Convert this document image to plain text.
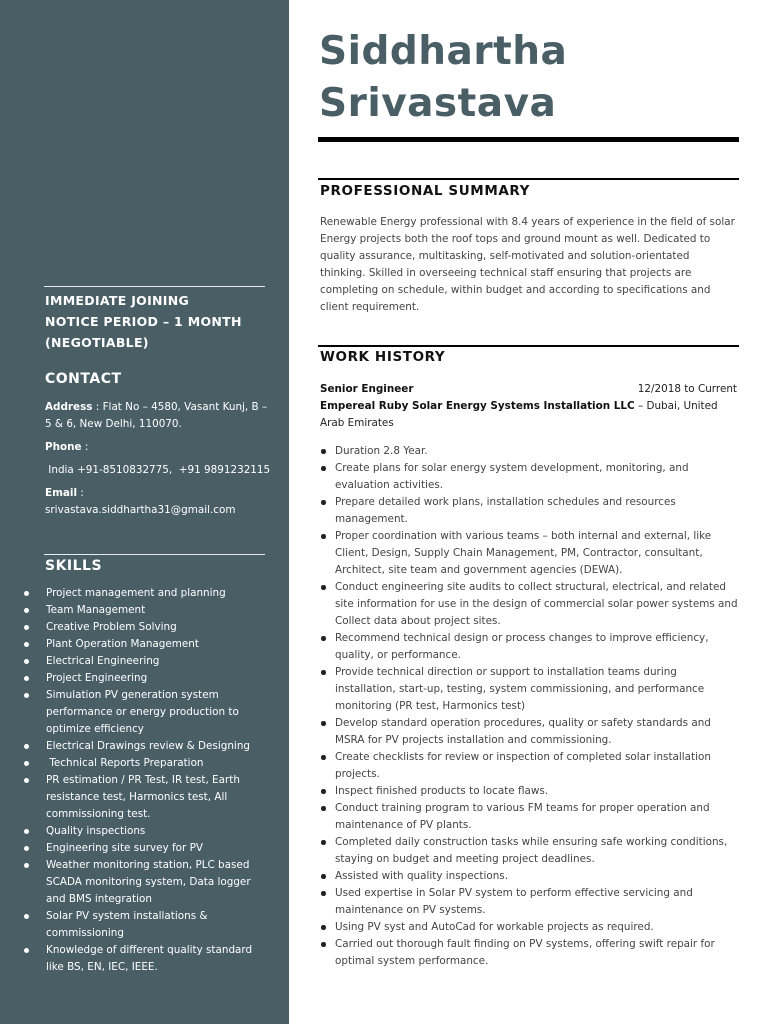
IMMEDIATE JOINING
NOTICE PERIOD – 1 MONTH
(NEGOTIABLE)
CONTACT

Address : Flat No – 4580, Vasant Kunj, B – 5 & 6, New Delhi, 110070.

Phone :

India +91-8510832775,  +91 9891232115

Email :

srivastava.siddhartha31@gmail.com

SKILLS
Project management and planning
Team Management
Creative Problem Solving
Plant Operation Management
Electrical Engineering
Project Engineering
Simulation PV generation system performance or energy production to optimize efficiency
Electrical Drawings review & Designing
Technical Reports Preparation
PR estimation / PR Test, IR test, Earth resistance test, Harmonics test, All commissioning test.
Quality inspections
Engineering site survey for PV
Weather monitoring station, PLC based SCADA monitoring system, Data logger and BMS integration
Solar PV system installations & commissioning
Knowledge of different quality standard like BS, EN, IEC, IEEE.
Siddhartha
Srivastava
PROFESSIONAL SUMMARY

Renewable Energy professional with 8.4 years of experience in the field of solar Energy projects both the roof tops and ground mount as well. Dedicated to quality assurance, multitasking, self-motivated and solution-orientated thinking. Skilled in overseeing technical staff ensuring that projects are completing on schedule, within budget and according to specifications and client requirement.

WORK HISTORY
Senior Engineer	12/2018 to Current
Empereal Ruby Solar Energy Systems Installation LLC – Dubai, United Arab Emirates
Duration 2.8 Year.
Create plans for solar energy system development, monitoring, and evaluation activities.
Prepare detailed work plans, installation schedules and resources management.
Proper coordination with various teams – both internal and external, like Client, Design, Supply Chain Management, PM, Contractor, consultant, Architect, site team and government agencies (DEWA).
Conduct engineering site audits to collect structural, electrical, and related site information for use in the design of commercial solar power systems and Collect data about project sites.
Recommend technical design or process changes to improve efficiency, quality, or performance.
Provide technical direction or support to installation teams during installation, start-up, testing, system commissioning, and performance monitoring (PR test, Harmonics test)
Develop standard operation procedures, quality or safety standards and MSRA for PV projects installation and commissioning.
Create checklists for review or inspection of completed solar installation projects.
Inspect finished products to locate flaws.
Conduct training program to various FM teams for proper operation and maintenance of PV plants.
Completed daily construction tasks while ensuring safe working conditions, staying on budget and meeting project deadlines.
Assisted with quality inspections.
Used expertise in Solar PV system to perform effective servicing and maintenance on PV systems.
Using PV syst and AutoCad for workable projects as required.
Carried out thorough fault finding on PV systems, offering swift repair for optimal system performance.
